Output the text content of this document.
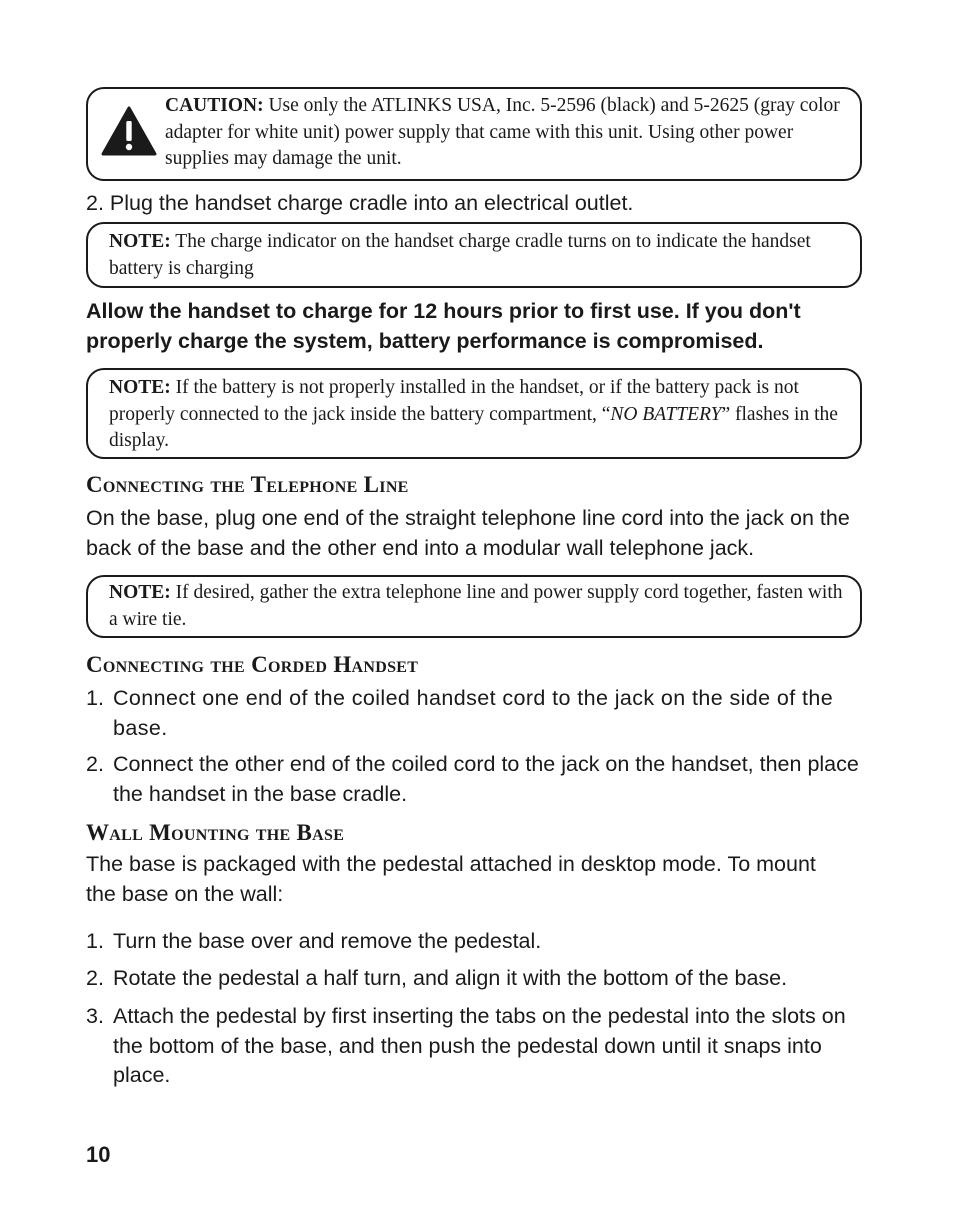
CAUTION: Use only the ATLINKS USA, Inc. 5-2596 (black) and 5-2625 (gray color adapter for white unit) power supply that came with this unit. Using other power supplies may damage the unit.

2. Plug the handset charge cradle into an electrical outlet.

NOTE: The charge indicator on the handset charge cradle turns on to indicate the handset battery is charging

Allow the handset to charge for 12 hours prior to first use. If you don't properly charge the system, battery performance is compromised.

NOTE: If the battery is not properly installed in the handset, or if the battery pack is not properly connected to the jack inside the battery compartment, “NO BATTERY” flashes in the display.
Connecting the Telephone Line

On the base, plug one end of the straight telephone line cord into the jack on the back of the base and the other end into a modular wall telephone jack.

NOTE: If desired, gather the extra telephone line and power supply cord together, fasten with a wire tie.
Connecting the Corded Handset
1. Connect one end of the coiled handset cord to the jack on the side of the base.
2. Connect the other end of the coiled cord to the jack on the handset, then place the handset in the base cradle.
Wall Mounting the Base

The base is packaged with the pedestal attached in desktop mode. To mount the base on the wall:

1. Turn the base over and remove the pedestal.
2. Rotate the pedestal a half turn, and align it with the bottom of the base.
3. Attach the pedestal by first inserting the tabs on the pedestal into the slots on the bottom of the base, and then push the pedestal down until it snaps into place.
10
